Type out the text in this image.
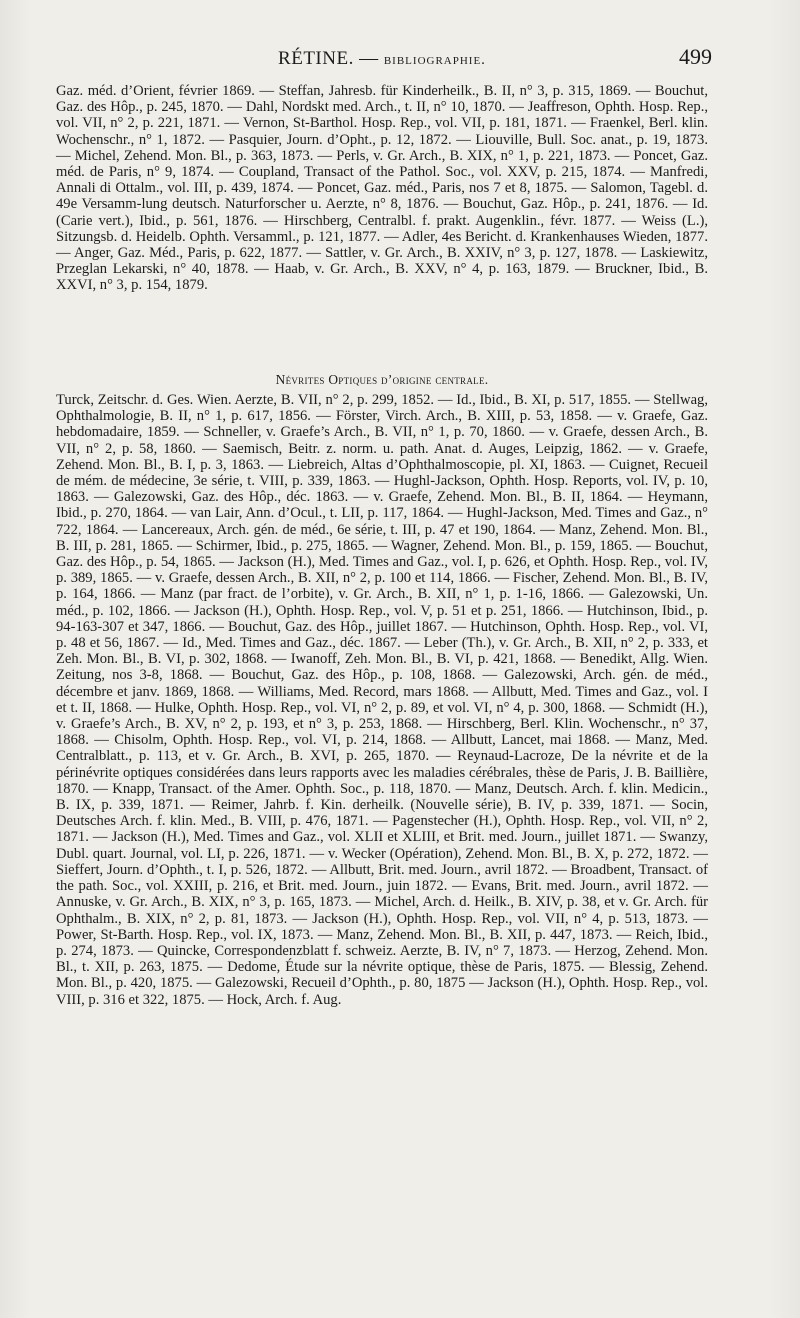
RÉTINE. — bibliographie.	499

Gaz. méd. d’Orient, février 1869. — Steffan, Jahresb. für Kinderheilk., B. II, n° 3, p. 315, 1869. — Bouchut, Gaz. des Hôp., p. 245, 1870. — Dahl, Nordskt med. Arch., t. II, n° 10, 1870. — Jeaffreson, Ophth. Hosp. Rep., vol. VII, n° 2, p. 221, 1871. — Vernon, St-Barthol. Hosp. Rep., vol. VII, p. 181, 1871. — Fraenkel, Berl. klin. Wochenschr., n° 1, 1872. — Pasquier, Journ. d’Opht., p. 12, 1872. — Liouville, Bull. Soc. anat., p. 19, 1873. — Michel, Zehend. Mon. Bl., p. 363, 1873. — Perls, v. Gr. Arch., B. XIX, n° 1, p. 221, 1873. — Poncet, Gaz. méd. de Paris, n° 9, 1874. — Coupland, Transact of the Pathol. Soc., vol. XXV, p. 215, 1874. — Manfredi, Annali di Ottalm., vol. III, p. 439, 1874. — Poncet, Gaz. méd., Paris, nos 7 et 8, 1875. — Salomon, Tagebl. d. 49e Versamm-lung deutsch. Naturforscher u. Aerzte, n° 8, 1876. — Bouchut, Gaz. Hôp., p. 241, 1876. — Id. (Carie vert.), Ibid., p. 561, 1876. — Hirschberg, Centralbl. f. prakt. Augenklin., févr. 1877. — Weiss (L.), Sitzungsb. d. Heidelb. Ophth. Versamml., p. 121, 1877. — Adler, 4es Bericht. d. Krankenhauses Wieden, 1877. — Anger, Gaz. Méd., Paris, p. 622, 1877. — Sattler, v. Gr. Arch., B. XXIV, n° 3, p. 127, 1878. — Laskiewitz, Przeglan Lekarski, n° 40, 1878. — Haab, v. Gr. Arch., B. XXV, n° 4, p. 163, 1879. — Bruckner, Ibid., B. XXVI, n° 3, p. 154, 1879.

Névrites Optiques d’origine centrale.

Turck, Zeitschr. d. Ges. Wien. Aerzte, B. VII, n° 2, p. 299, 1852. — Id., Ibid., B. XI, p. 517, 1855. — Stellwag, Ophthalmologie, B. II, n° 1, p. 617, 1856. — Förster, Virch. Arch., B. XIII, p. 53, 1858. — v. Graefe, Gaz. hebdomadaire, 1859. — Schneller, v. Graefe’s Arch., B. VII, n° 1, p. 70, 1860. — v. Graefe, dessen Arch., B. VII, n° 2, p. 58, 1860. — Saemisch, Beitr. z. norm. u. path. Anat. d. Auges, Leipzig, 1862. — v. Graefe, Zehend. Mon. Bl., B. I, p. 3, 1863. — Liebreich, Altas d’Ophthalmoscopie, pl. XI, 1863. — Cuignet, Recueil de mém. de médecine, 3e série, t. VIII, p. 339, 1863. — Hughl-Jackson, Ophth. Hosp. Reports, vol. IV, p. 10, 1863. — Galezowski, Gaz. des Hôp., déc. 1863. — v. Graefe, Zehend. Mon. Bl., B. II, 1864. — Heymann, Ibid., p. 270, 1864. — van Lair, Ann. d’Ocul., t. LII, p. 117, 1864. — Hughl-Jackson, Med. Times and Gaz., n° 722, 1864. — Lancereaux, Arch. gén. de méd., 6e série, t. III, p. 47 et 190, 1864. — Manz, Zehend. Mon. Bl., B. III, p. 281, 1865. — Schirmer, Ibid., p. 275, 1865. — Wagner, Zehend. Mon. Bl., p. 159, 1865. — Bouchut, Gaz. des Hôp., p. 54, 1865. — Jackson (H.), Med. Times and Gaz., vol. I, p. 626, et Ophth. Hosp. Rep., vol. IV, p. 389, 1865. — v. Graefe, dessen Arch., B. XII, n° 2, p. 100 et 114, 1866. — Fischer, Zehend. Mon. Bl., B. IV, p. 164, 1866. — Manz (par fract. de l’orbite), v. Gr. Arch., B. XII, n° 1, p. 1-16, 1866. — Galezowski, Un. méd., p. 102, 1866. — Jackson (H.), Ophth. Hosp. Rep., vol. V, p. 51 et p. 251, 1866. — Hutchinson, Ibid., p. 94-163-307 et 347, 1866. — Bouchut, Gaz. des Hôp., juillet 1867. — Hutchinson, Ophth. Hosp. Rep., vol. VI, p. 48 et 56, 1867. — Id., Med. Times and Gaz., déc. 1867. — Leber (Th.), v. Gr. Arch., B. XII, n° 2, p. 333, et Zeh. Mon. Bl., B. VI, p. 302, 1868. — Iwanoff, Zeh. Mon. Bl., B. VI, p. 421, 1868. — Benedikt, Allg. Wien. Zeitung, nos 3-8, 1868. — Bouchut, Gaz. des Hôp., p. 108, 1868. — Galezowski, Arch. gén. de méd., décembre et janv. 1869, 1868. — Williams, Med. Record, mars 1868. — Allbutt, Med. Times and Gaz., vol. I et t. II, 1868. — Hulke, Ophth. Hosp. Rep., vol. VI, n° 2, p. 89, et vol. VI, n° 4, p. 300, 1868. — Schmidt (H.), v. Graefe’s Arch., B. XV, n° 2, p. 193, et n° 3, p. 253, 1868. — Hirschberg, Berl. Klin. Wochenschr., n° 37, 1868. — Chisolm, Ophth. Hosp. Rep., vol. VI, p. 214, 1868. — Allbutt, Lancet, mai 1868. — Manz, Med. Centralblatt., p. 113, et v. Gr. Arch., B. XVI, p. 265, 1870. — Reynaud-Lacroze, De la névrite et de la périnévrite optiques considérées dans leurs rapports avec les maladies cérébrales, thèse de Paris, J. B. Baillière, 1870. — Knapp, Transact. of the Amer. Ophth. Soc., p. 118, 1870. — Manz, Deutsch. Arch. f. klin. Medicin., B. IX, p. 339, 1871. — Reimer, Jahrb. f. Kin. derheilk. (Nouvelle série), B. IV, p. 339, 1871. — Socin, Deutsches Arch. f. klin. Med., B. VIII, p. 476, 1871. — Pagenstecher (H.), Ophth. Hosp. Rep., vol. VII, n° 2, 1871. — Jackson (H.), Med. Times and Gaz., vol. XLII et XLIII, et Brit. med. Journ., juillet 1871. — Swanzy, Dubl. quart. Journal, vol. LI, p. 226, 1871. — v. Wecker (Opération), Zehend. Mon. Bl., B. X, p. 272, 1872. — Sieffert, Journ. d’Ophth., t. I, p. 526, 1872. — Allbutt, Brit. med. Journ., avril 1872. — Broadbent, Transact. of the path. Soc., vol. XXIII, p. 216, et Brit. med. Journ., juin 1872. — Evans, Brit. med. Journ., avril 1872. — Annuske, v. Gr. Arch., B. XIX, n° 3, p. 165, 1873. — Michel, Arch. d. Heilk., B. XIV, p. 38, et v. Gr. Arch. für Ophthalm., B. XIX, n° 2, p. 81, 1873. — Jackson (H.), Ophth. Hosp. Rep., vol. VII, n° 4, p. 513, 1873. — Power, St-Barth. Hosp. Rep., vol. IX, 1873. — Manz, Zehend. Mon. Bl., B. XII, p. 447, 1873. — Reich, Ibid., p. 274, 1873. — Quincke, Correspondenzblatt f. schweiz. Aerzte, B. IV, n° 7, 1873. — Herzog, Zehend. Mon. Bl., t. XII, p. 263, 1875. — Dedome, Étude sur la névrite optique, thèse de Paris, 1875. — Blessig, Zehend. Mon. Bl., p. 420, 1875. — Galezowski, Recueil d’Ophth., p. 80, 1875 — Jackson (H.), Ophth. Hosp. Rep., vol. VIII, p. 316 et 322, 1875. — Hock, Arch. f. Aug.
